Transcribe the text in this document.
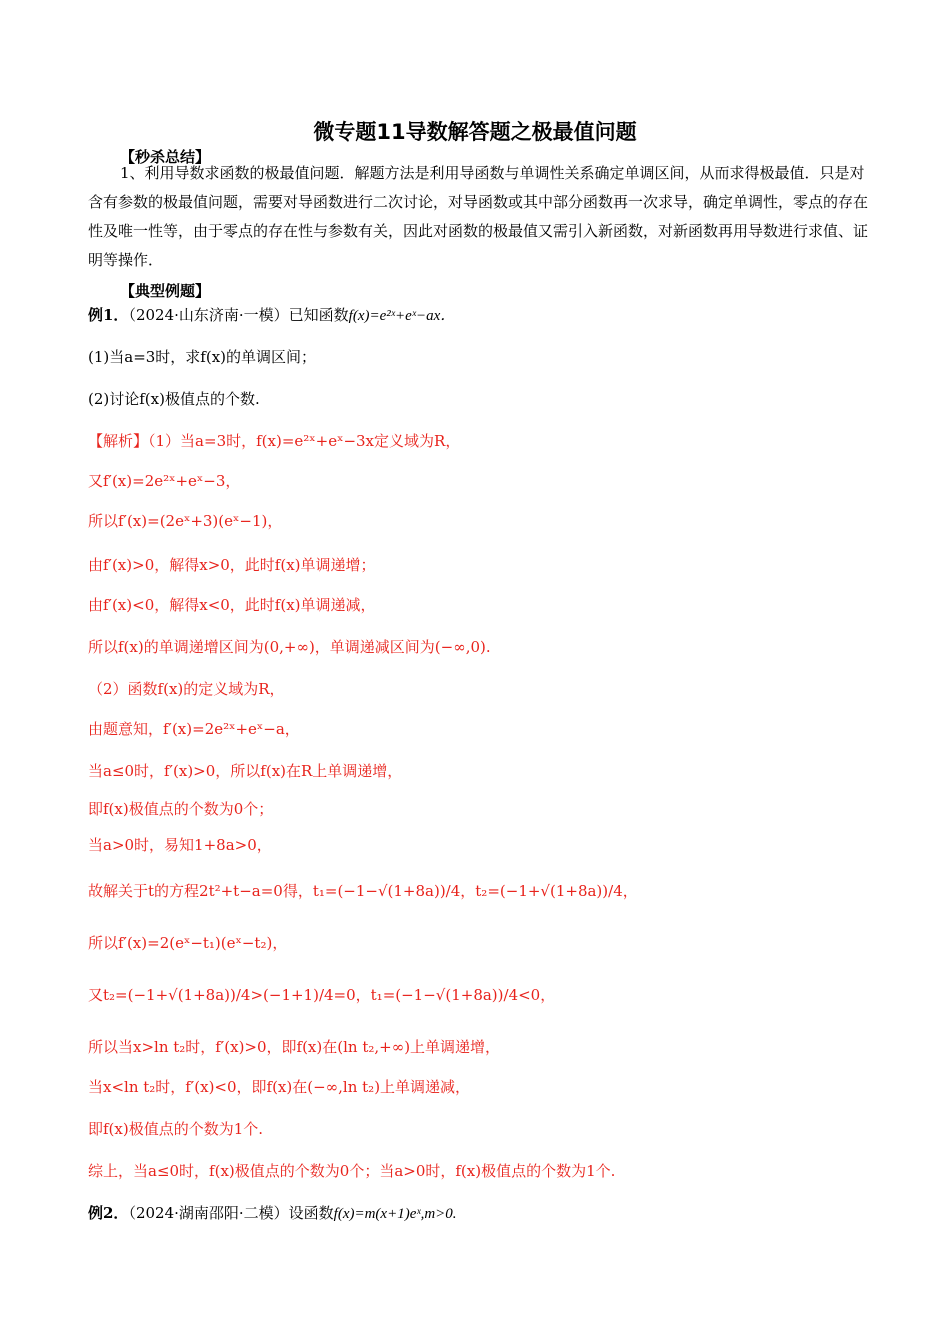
微专题11导数解答题之极最值问题
【秒杀总结】
1、利用导数求函数的极最值问题．解题方法是利用导函数与单调性关系确定单调区间，从而求得极最值．只是对含有参数的极最值问题，需要对导函数进行二次讨论，对导函数或其中部分函数再一次求导，确定单调性，零点的存在性及唯一性等，由于零点的存在性与参数有关，因此对函数的极最值又需引入新函数，对新函数再用导数进行求值、证明等操作．
【典型例题】
例1．（2024·山东济南·一模）已知函数f(x)=e²ˣ+eˣ−ax．
(1)当a=3时，求f(x)的单调区间；
(2)讨论f(x)极值点的个数.
【解析】（1）当a=3时，f(x)=e²ˣ+eˣ−3x定义域为R，
又f′(x)=2e²ˣ+eˣ−3，
所以f′(x)=(2eˣ+3)(eˣ−1)，
由f′(x)>0，解得x>0，此时f(x)单调递增；
由f′(x)<0，解得x<0，此时f(x)单调递减，
所以f(x)的单调递增区间为(0,+∞)，单调递减区间为(−∞,0).
（2）函数f(x)的定义域为R，
由题意知，f′(x)=2e²ˣ+eˣ−a，
当a≤0时，f′(x)>0，所以f(x)在R上单调递增，
即f(x)极值点的个数为0个；
当a>0时，易知1+8a>0，
故解关于t的方程2t²+t−a=0得，t₁=(−1−√(1+8a))/4，t₂=(−1+√(1+8a))/4，
所以f′(x)=2(eˣ−t₁)(eˣ−t₂)，
又t₂=(−1+√(1+8a))/4>(−1+1)/4=0，t₁=(−1−√(1+8a))/4<0，
所以当x>ln t₂时，f′(x)>0，即f(x)在(ln t₂,+∞)上单调递增，
当x<ln t₂时，f′(x)<0，即f(x)在(−∞,ln t₂)上单调递减，
即f(x)极值点的个数为1个.
综上，当a≤0时，f(x)极值点的个数为0个；当a>0时，f(x)极值点的个数为1个.
例2．（2024·湖南邵阳·二模）设函数f(x)=m(x+1)eˣ,m>0.
